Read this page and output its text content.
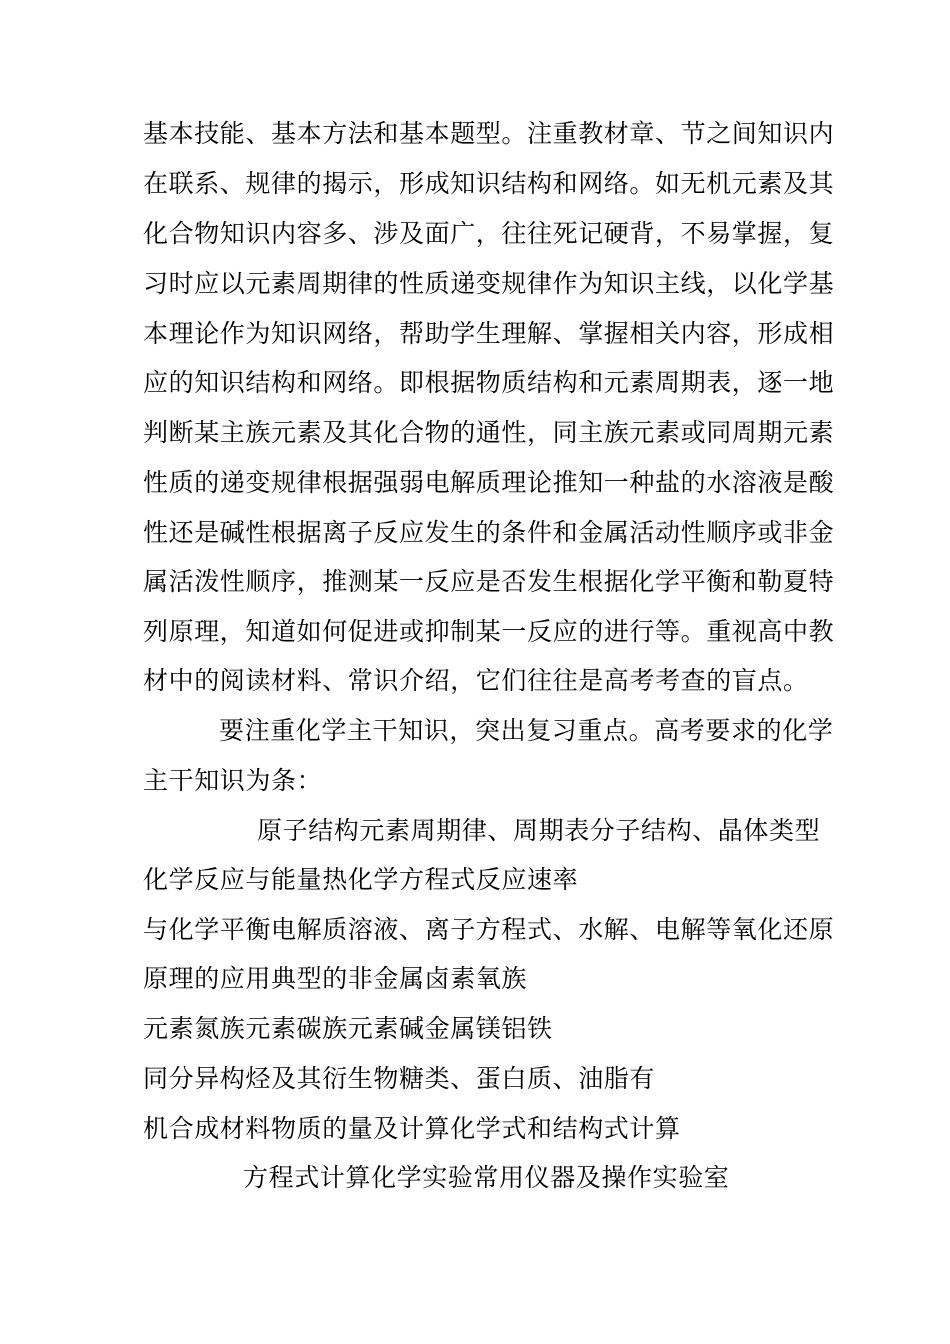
基本技能、基本方法和基本题型。注重教材章、节之间知识内
在联系、规律的揭示，形成知识结构和网络。如无机元素及其
化合物知识内容多、涉及面广，往往死记硬背，不易掌握，复
习时应以元素周期律的性质递变规律作为知识主线，以化学基
本理论作为知识网络，帮助学生理解、掌握相关内容，形成相
应的知识结构和网络。即根据物质结构和元素周期表，逐一地
判断某主族元素及其化合物的通性，同主族元素或同周期元素
性质的递变规律根据强弱电解质理论推知一种盐的水溶液是酸
性还是碱性根据离子反应发生的条件和金属活动性顺序或非金
属活泼性顺序，推测某一反应是否发生根据化学平衡和勒夏特
列原理，知道如何促进或抑制某一反应的进行等。重视高中教
材中的阅读材料、常识介绍，它们往往是高考考查的盲点。
要注重化学主干知识，突出复习重点。高考要求的化学
主干知识为条：
原子结构元素周期律、周期表分子结构、晶体类型
化学反应与能量热化学方程式反应速率
与化学平衡电解质溶液、离子方程式、水解、电解等氧化还原
原理的应用典型的非金属卤素氧族
元素氮族元素碳族元素碱金属镁铝铁
同分异构烃及其衍生物糖类、蛋白质、油脂有
机合成材料物质的量及计算化学式和结构式计算
方程式计算化学实验常用仪器及操作实验室
